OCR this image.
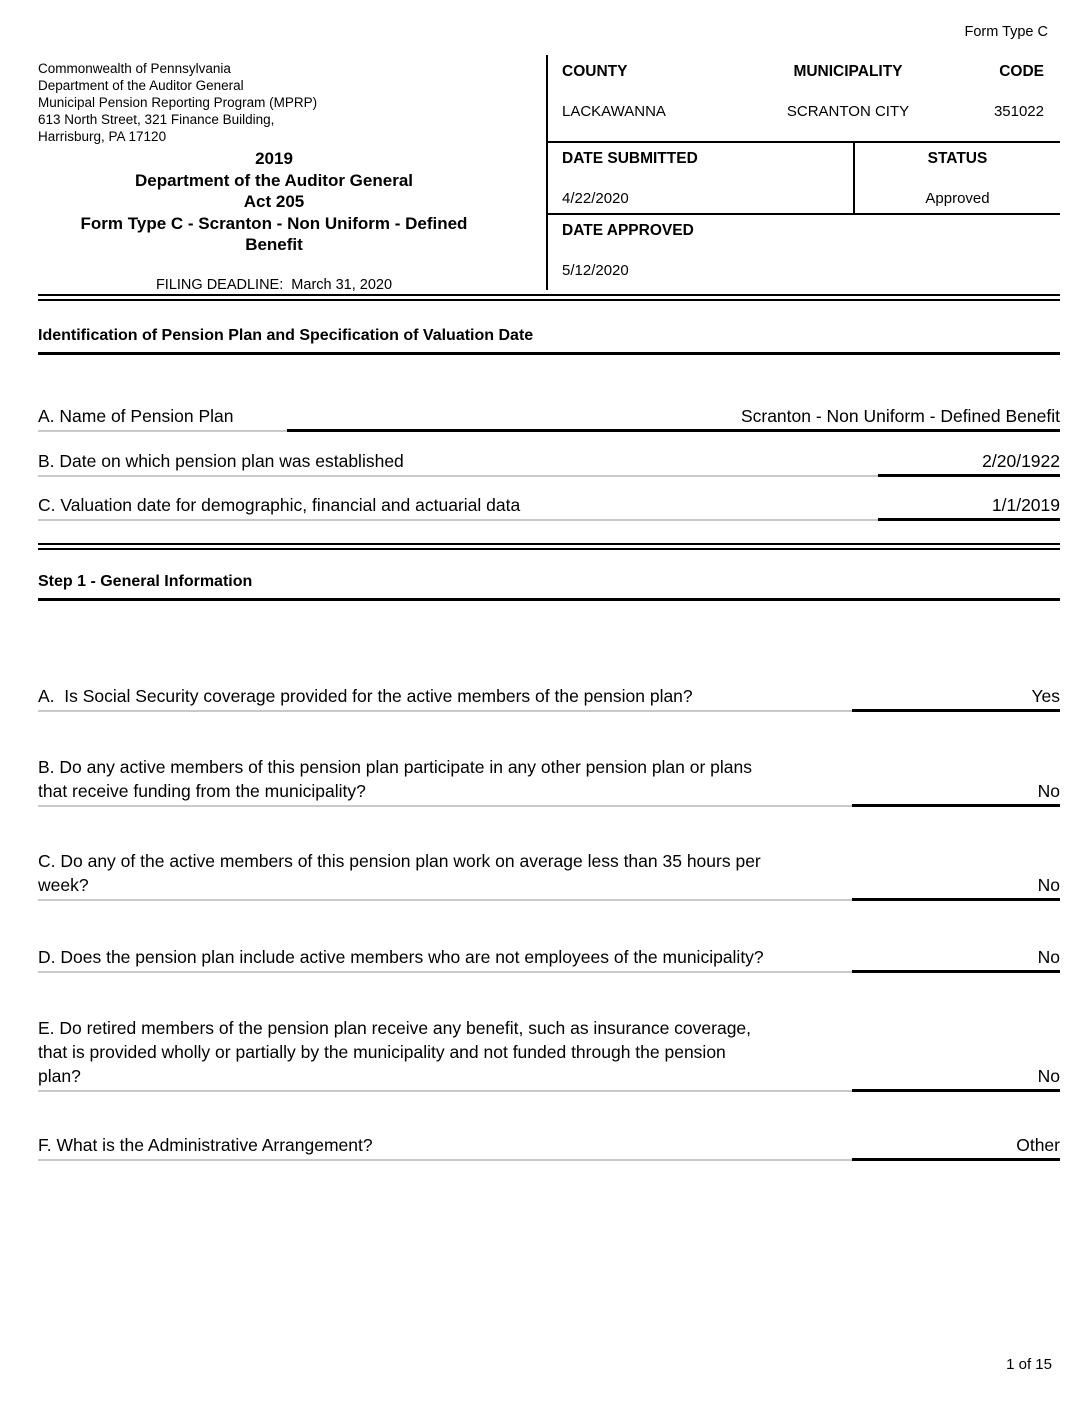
Form Type C
Commonwealth of Pennsylvania
Department of the Auditor General
Municipal Pension Reporting Program (MPRP)
613 North Street, 321 Finance Building,
Harrisburg, PA 17120
2019
Department of the Auditor General
Act 205
Form Type C - Scranton - Non Uniform - Defined
Benefit
FILING DEADLINE:  March 31, 2020
COUNTY	MUNICIPALITY	CODE
LACKAWANNA	SCRANTON CITY	351022
DATE SUBMITTED
4/22/2020
STATUS
Approved
DATE APPROVED
5/12/2020
Identification of Pension Plan and Specification of Valuation Date
A. Name of Pension Plan	Scranton - Non Uniform - Defined Benefit
B. Date on which pension plan was established	2/20/1922
C. Valuation date for demographic, financial and actuarial data	1/1/2019
Step 1 - General Information
A.  Is Social Security coverage provided for the active members of the pension plan?	Yes
B. Do any active members of this pension plan participate in any other pension plan or plans
that receive funding from the municipality?	No
C. Do any of the active members of this pension plan work on average less than 35 hours per
week?	No
D. Does the pension plan include active members who are not employees of the municipality?	No
E. Do retired members of the pension plan receive any benefit, such as insurance coverage,
that is provided wholly or partially by the municipality and not funded through the pension
plan?	No
F. What is the Administrative Arrangement?	Other
1 of 15
